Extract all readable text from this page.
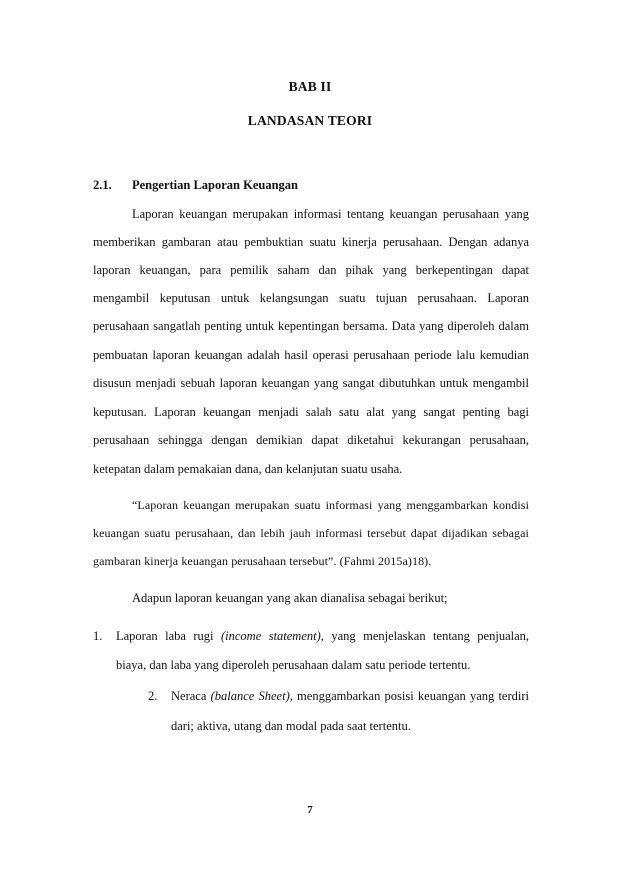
BAB II
LANDASAN TEORI
2.1. Pengertian Laporan Keuangan
Laporan keuangan merupakan informasi tentang keuangan perusahaan yang
memberikan gambaran atau pembuktian suatu kinerja perusahaan. Dengan adanya
laporan keuangan, para pemilik saham dan pihak yang berkepentingan dapat
mengambil keputusan untuk kelangsungan suatu tujuan perusahaan. Laporan
perusahaan sangatlah penting untuk kepentingan bersama. Data yang diperoleh dalam
pembuatan laporan keuangan adalah hasil operasi perusahaan periode lalu kemudian
disusun menjadi sebuah laporan keuangan yang sangat dibutuhkan untuk mengambil
keputusan. Laporan keuangan menjadi salah satu alat yang sangat penting bagi
perusahaan sehingga dengan demikian dapat diketahui kekurangan perusahaan,
ketepatan dalam pemakaian dana, dan kelanjutan suatu usaha.
“Laporan keuangan merupakan suatu informasi yang menggambarkan kondisi
keuangan suatu perusahaan, dan lebih jauh informasi tersebut dapat dijadikan sebagai
gambaran kinerja keuangan perusahaan tersebut”. (Fahmi 2015a)18).
Adapun laporan keuangan yang akan dianalisa sebagai berikut;
1. Laporan laba rugi (income statement), yang menjelaskan tentang penjualan,
biaya, dan laba yang diperoleh perusahaan dalam satu periode tertentu.
2. Neraca (balance Sheet), menggambarkan posisi keuangan yang terdiri
dari; aktiva, utang dan modal pada saat tertentu.
7
